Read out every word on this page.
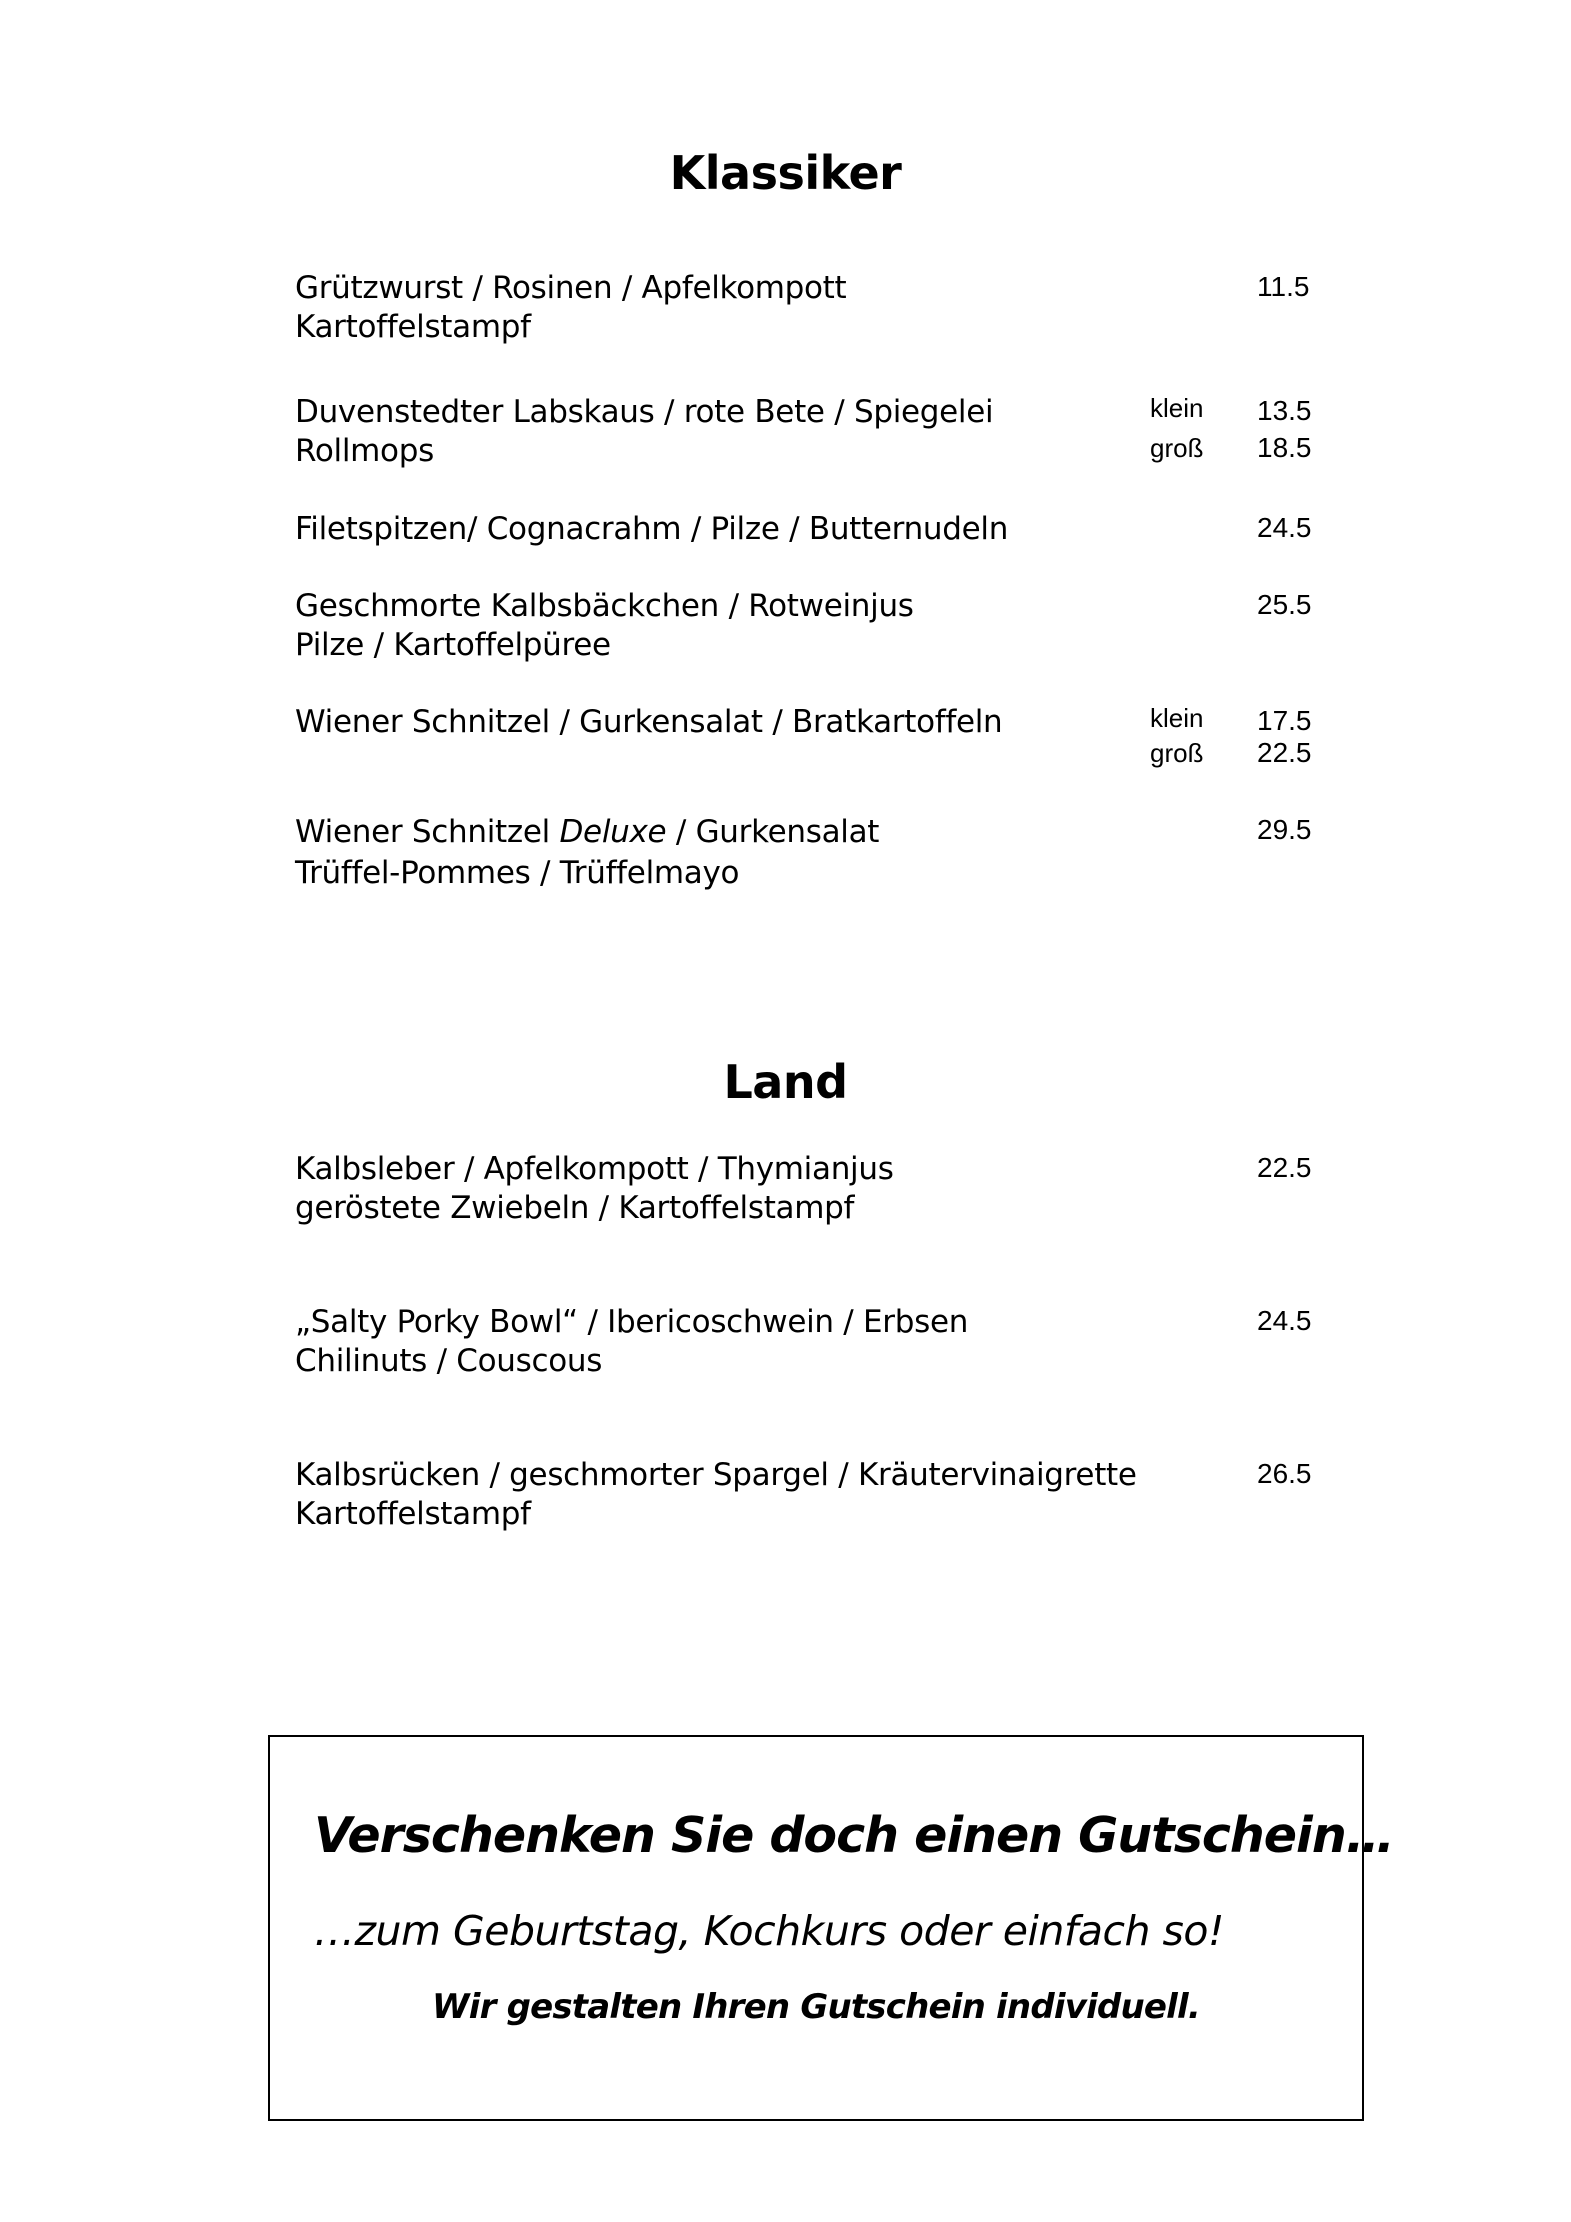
Klassiker
Grützwurst / Rosinen / Apfelkompott
Kartoffelstampf
11.5
Duvenstedter Labskaus / rote Bete / Spiegelei
Rollmops
klein
groß
13.5
18.5
Filetspitzen/ Cognacrahm / Pilze / Butternudeln	24.5
Geschmorte Kalbsbäckchen / Rotweinjus
Pilze / Kartoffelpüree
25.5
Wiener Schnitzel / Gurkensalat / Bratkartoffeln	klein
groß
17.5
22.5
Wiener Schnitzel Deluxe / Gurkensalat
Trüffel-Pommes / Trüffelmayo
29.5
Land
Kalbsleber / Apfelkompott / Thymianjus
geröstete Zwiebeln / Kartoffelstampf
22.5
„Salty Porky Bowl“ / Ibericoschwein / Erbsen
Chilinuts / Couscous
24.5
Kalbsrücken / geschmorter Spargel / Kräutervinaigrette
Kartoffelstampf
26.5
Verschenken Sie doch einen Gutschein…
…zum Geburtstag, Kochkurs oder einfach so!
Wir gestalten Ihren Gutschein individuell.
